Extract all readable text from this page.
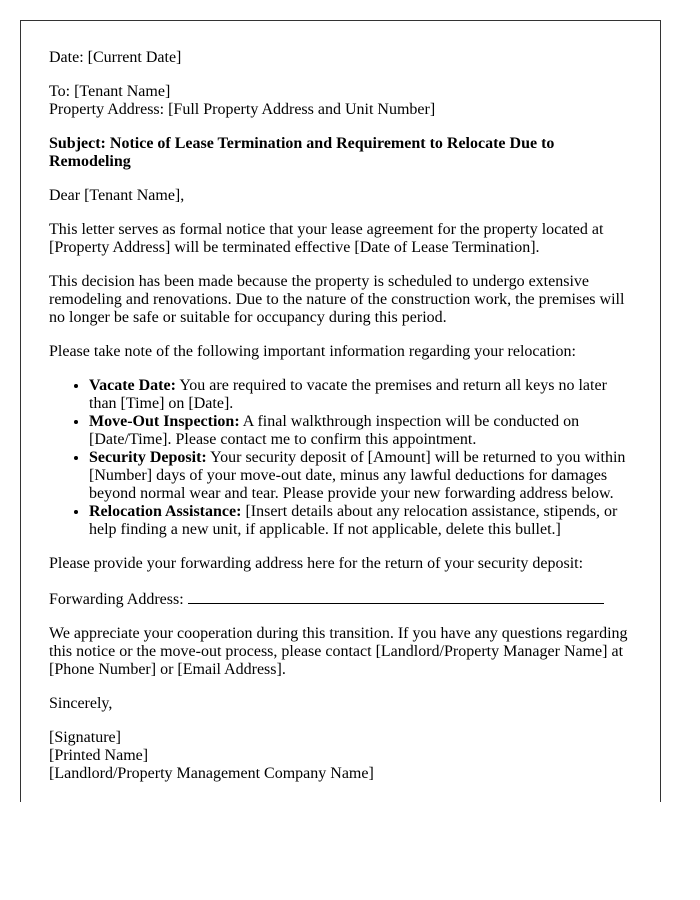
Date: [Current Date]

To: [Tenant Name]
Property Address: [Full Property Address and Unit Number]

Subject: Notice of Lease Termination and Requirement to Relocate Due to Remodeling

Dear [Tenant Name],

This letter serves as formal notice that your lease agreement for the property located at [Property Address] will be terminated effective [Date of Lease Termination].

This decision has been made because the property is scheduled to undergo extensive remodeling and renovations. Due to the nature of the construction work, the premises will no longer be safe or suitable for occupancy during this period.

Please take note of the following important information regarding your relocation:

• Vacate Date: You are required to vacate the premises and return all keys no later than [Time] on [Date].
• Move-Out Inspection: A final walkthrough inspection will be conducted on [Date/Time]. Please contact me to confirm this appointment.
• Security Deposit: Your security deposit of [Amount] will be returned to you within [Number] days of your move-out date, minus any lawful deductions for damages beyond normal wear and tear. Please provide your new forwarding address below.
• Relocation Assistance: [Insert details about any relocation assistance, stipends, or help finding a new unit, if applicable. If not applicable, delete this bullet.]

Please provide your forwarding address here for the return of your security deposit:

Forwarding Address:

We appreciate your cooperation during this transition. If you have any questions regarding this notice or the move-out process, please contact [Landlord/Property Manager Name] at [Phone Number] or [Email Address].

Sincerely,

[Signature]
[Printed Name]
[Landlord/Property Management Company Name]
